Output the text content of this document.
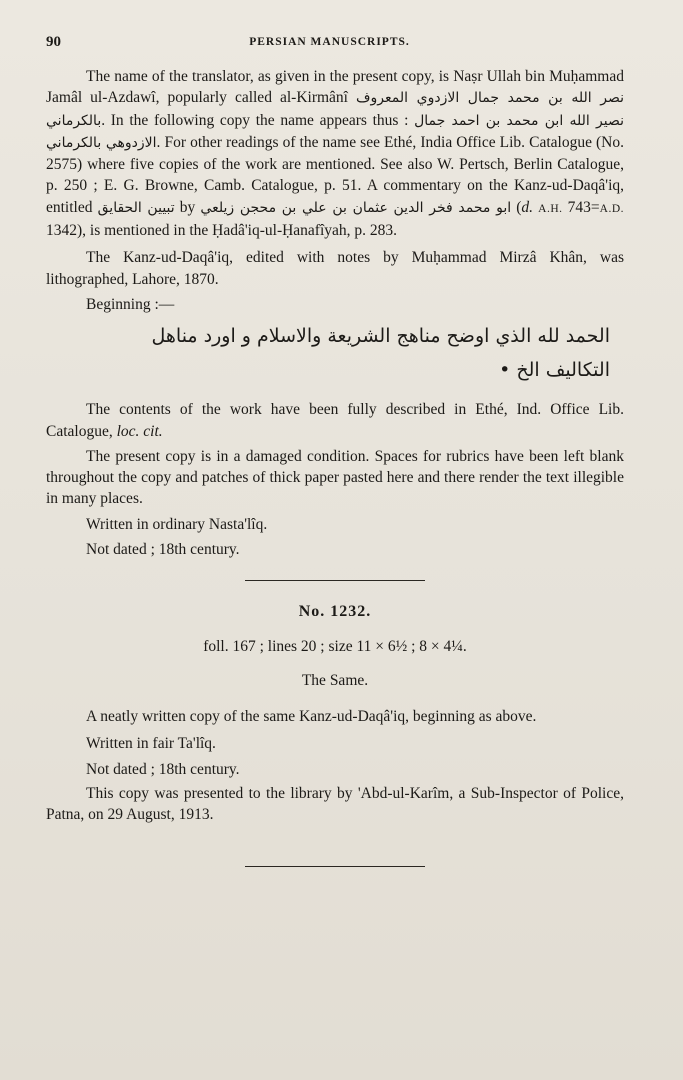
90	PERSIAN MANUSCRIPTS.

The name of the translator, as given in the present copy, is Naṣr Ullah bin Muḥammad Jamâl ul-Azdawî, popularly called al-Kirmânî نصر الله بن محمد جمال الازدوي المعروف بالكرماني. In the following copy the name appears thus : نصير الله ابن محمد بن احمد جمال الازدوهي بالكرماني. For other readings of the name see Ethé, India Office Lib. Catalogue (No. 2575) where five copies of the work are mentioned. See also W. Pertsch, Berlin Catalogue, p. 250 ; E. G. Browne, Camb. Catalogue, p. 51. A commentary on the Kanz-ud-Daqâ'iq, entitled تبيين الحقايق by ابو محمد فخر الدين عثمان بن علي بن محجن زيلعي (d. A.H. 743=A.D. 1342), is mentioned in the Ḥadâ'iq-ul-Ḥanafîyah, p. 283.

The Kanz-ud-Daqâ'iq, edited with notes by Muḥammad Mirzâ Khân, was lithographed, Lahore, 1870.

Beginning :—

الحمد لله الذي اوضح مناهج الشريعة والاسلام و اورد مناهل
التكاليف الخ •

The contents of the work have been fully described in Ethé, Ind. Office Lib. Catalogue, loc. cit.

The present copy is in a damaged condition. Spaces for rubrics have been left blank throughout the copy and patches of thick paper pasted here and there render the text illegible in many places.

Written in ordinary Nasta'lîq.

Not dated ; 18th century.

No. 1232.

foll. 167 ; lines 20 ; size 11 × 6½ ; 8 × 4¼.

The Same.

A neatly written copy of the same Kanz-ud-Daqâ'iq, beginning as above.

Written in fair Ta'lîq.

Not dated ; 18th century.

This copy was presented to the library by 'Abd-ul-Karîm, a Sub-Inspector of Police, Patna, on 29 August, 1913.
